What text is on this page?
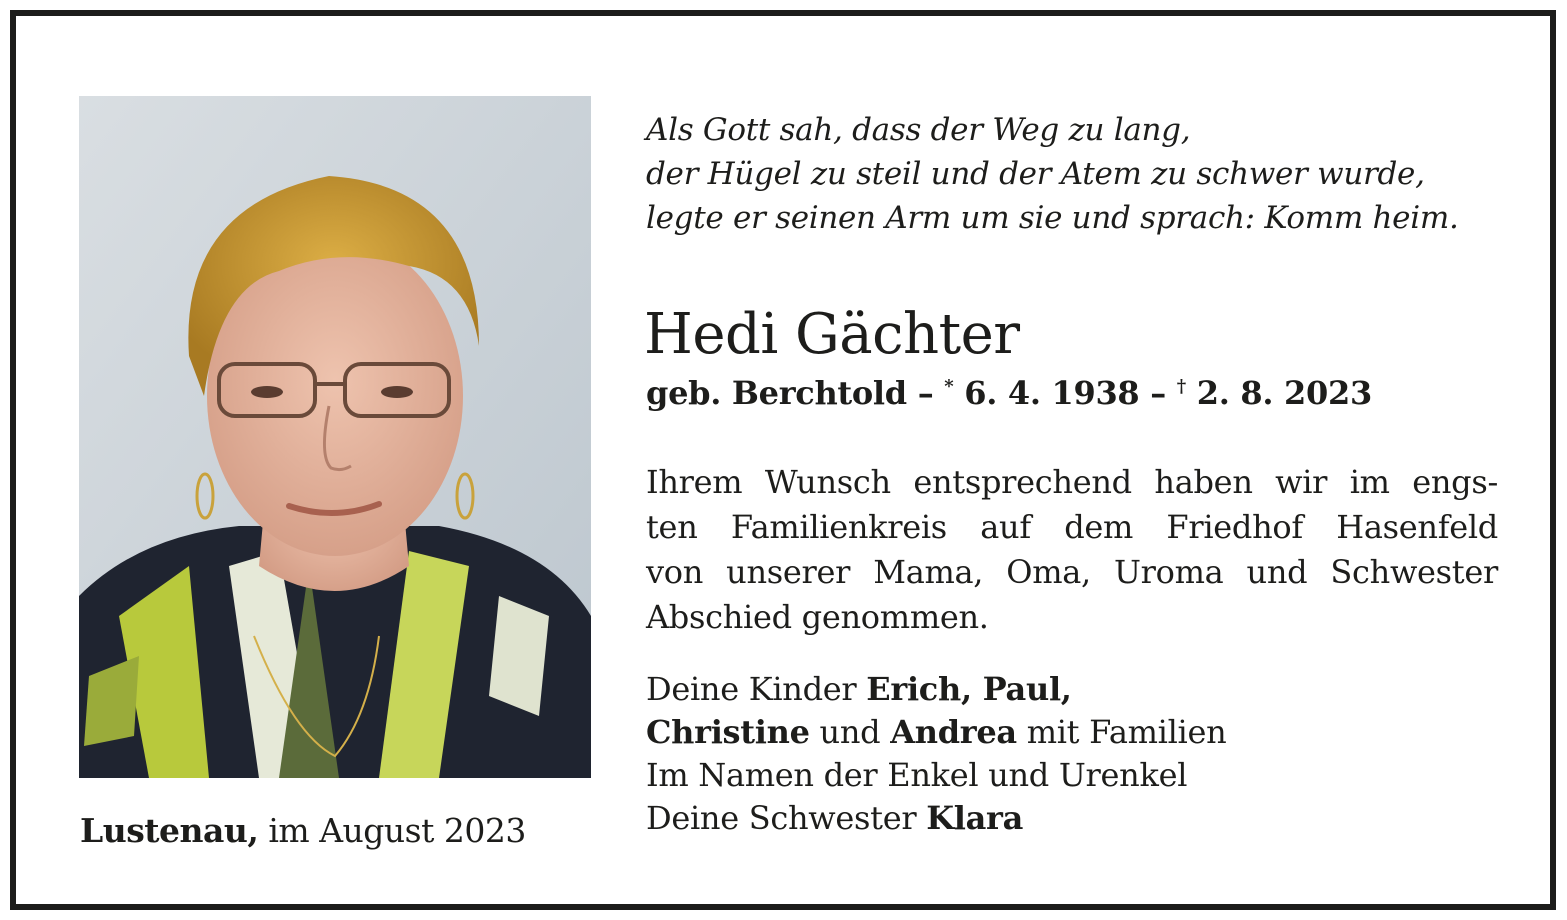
Lustenau, im August 2023
Als Gott sah, dass der Weg zu lang,
der Hügel zu steil und der Atem zu schwer wurde,
legte er seinen Arm um sie und sprach: Komm heim.
Hedi Gächter
geb. Berchtold – * 6. 4. 1938 – † 2. 8. 2023
Ihrem Wunsch entsprechend haben wir im engs-
ten Familienkreis auf dem Friedhof Hasenfeld
von unserer Mama, Oma, Uroma und Schwester
Abschied genommen.
Deine Kinder Erich, Paul,
Christine und Andrea mit Familien
Im Namen der Enkel und Urenkel
Deine Schwester Klara
